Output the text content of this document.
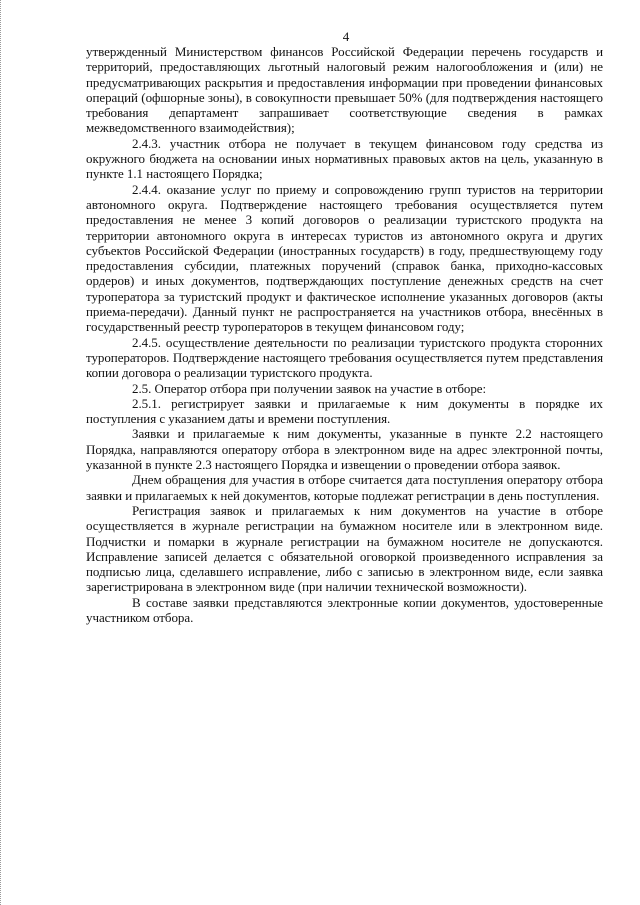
4

утвержденный Министерством финансов Российской Федерации перечень государств и территорий, предоставляющих льготный налоговый режим налогообложения и (или) не предусматривающих раскрытия и предоставления информации при проведении финансовых операций (офшорные зоны), в совокупности превышает 50% (для подтверждения настоящего требования департамент запрашивает соответствующие сведения в рамках межведомственного взаимодействия);

2.4.3. участник отбора не получает в текущем финансовом году средства из окружного бюджета на основании иных нормативных правовых актов на цель, указанную в пункте 1.1 настоящего Порядка;

2.4.4. оказание услуг по приему и сопровождению групп туристов на территории автономного округа. Подтверждение настоящего требования осуществляется путем предоставления не менее 3 копий договоров о реализации туристского продукта на территории автономного округа в интересах туристов из автономного округа и других субъектов Российской Федерации (иностранных государств) в году, предшествующему году предоставления субсидии, платежных поручений (справок банка, приходно-кассовых ордеров) и иных документов, подтверждающих поступление денежных средств на счет туроператора за туристский продукт и фактическое исполнение указанных договоров (акты приема-передачи). Данный пункт не распространяется на участников отбора, внесённых в государственный реестр туроператоров в текущем финансовом году;

2.4.5. осуществление деятельности по реализации туристского продукта сторонних туроператоров. Подтверждение настоящего требования осуществляется путем представления копии договора о реализации туристского продукта.

2.5. Оператор отбора при получении заявок на участие в отборе:

2.5.1. регистрирует заявки и прилагаемые к ним документы в порядке их поступления с указанием даты и времени поступления.

Заявки и прилагаемые к ним документы, указанные в пункте 2.2 настоящего Порядка, направляются оператору отбора в электронном виде на адрес электронной почты, указанной в пункте 2.3 настоящего Порядка и извещении о проведении отбора заявок.

Днем обращения для участия в отборе считается дата поступления оператору отбора заявки и прилагаемых к ней документов, которые подлежат регистрации в день поступления.

Регистрация заявок и прилагаемых к ним документов на участие в отборе осуществляется в журнале регистрации на бумажном носителе или в электронном виде. Подчистки и помарки в журнале регистрации на бумажном носителе не допускаются. Исправление записей делается с обязательной оговоркой произведенного исправления за подписью лица, сделавшего исправление, либо с записью в электронном виде, если заявка зарегистрирована в электронном виде (при наличии технической возможности).

В составе заявки представляются электронные копии документов, удостоверенные участником отбора.
